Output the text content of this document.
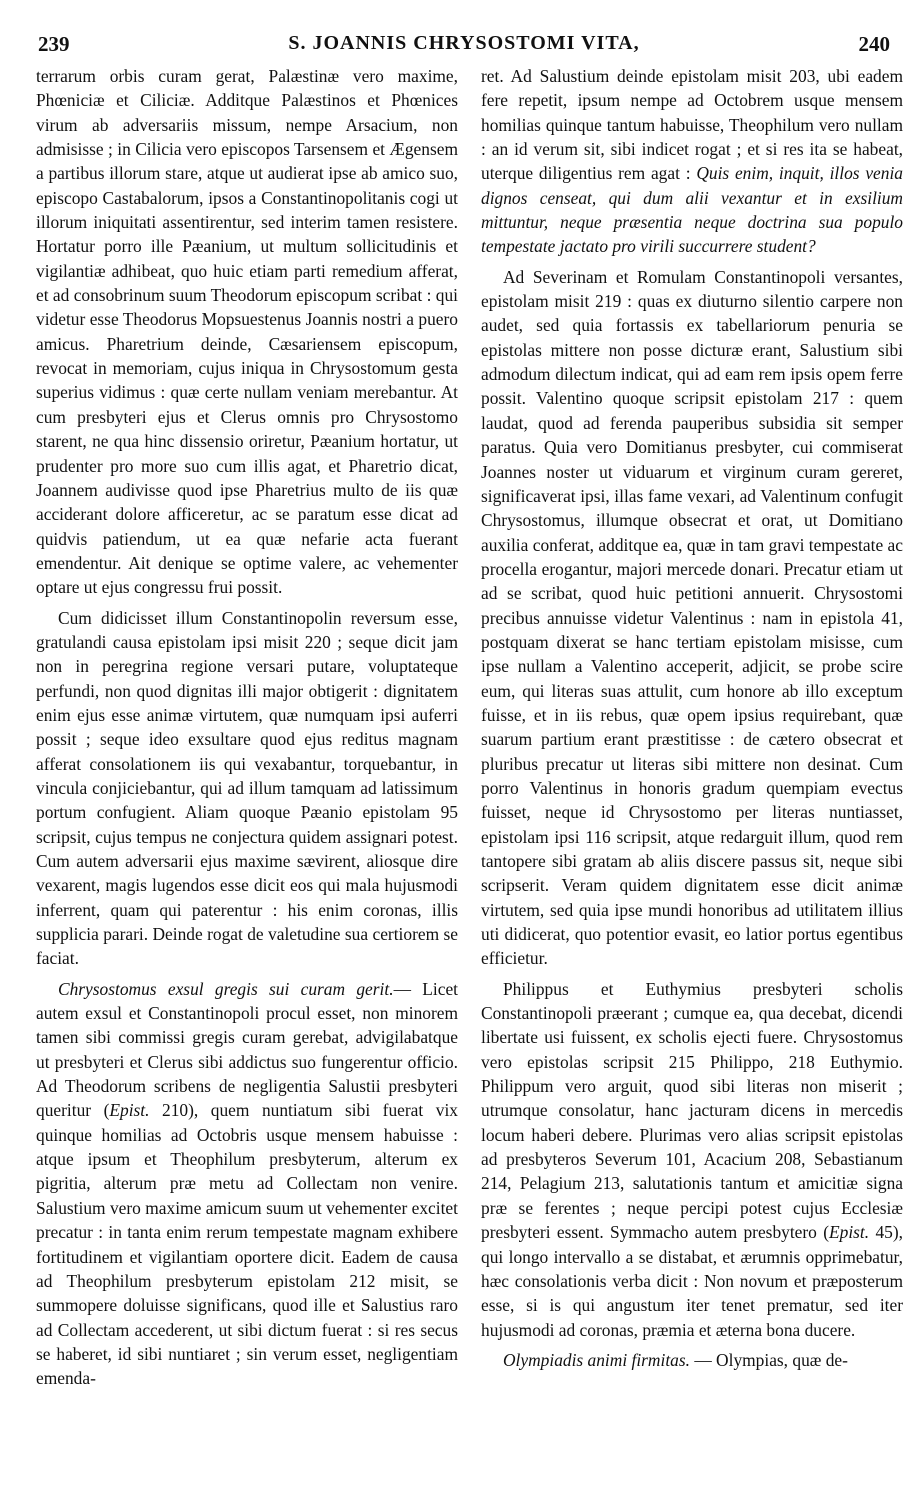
239	S. JOANNIS CHRYSOSTOMI VITA,	240

terrarum orbis curam gerat, Palæstinæ vero maxime, Phœniciæ et Ciliciæ. Additque Palæstinos et Phœnices virum ab adversariis missum, nempe Arsacium, non admisisse ; in Cilicia vero episcopos Tarsensem et Ægensem a partibus illorum stare, atque ut audierat ipse ab amico suo, episcopo Castabalorum, ipsos a Constantinopolitanis cogi ut illorum iniquitati assentirentur, sed interim tamen resistere. Hortatur porro ille Pæanium, ut multum sollicitudinis et vigilantiæ adhibeat, quo huic etiam parti remedium afferat, et ad consobrinum suum Theodorum episcopum scribat : qui videtur esse Theodorus Mopsuestenus Joannis nostri a puero amicus. Pharetrium deinde, Cæsariensem episcopum, revocat in memoriam, cujus iniqua in Chrysostomum gesta superius vidimus : quæ certe nullam veniam merebantur. At cum presbyteri ejus et Clerus omnis pro Chrysostomo starent, ne qua hinc dissensio oriretur, Pæanium hortatur, ut prudenter pro more suo cum illis agat, et Pharetrio dicat, Joannem audivisse quod ipse Pharetrius multo de iis quæ acciderant dolore afficeretur, ac se paratum esse dicat ad quidvis patiendum, ut ea quæ nefarie acta fuerant emendentur. Ait denique se optime valere, ac vehementer optare ut ejus congressu frui possit.

Cum didicisset illum Constantinopolin reversum esse, gratulandi causa epistolam ipsi misit 220 ; seque dicit jam non in peregrina regione versari putare, voluptateque perfundi, non quod dignitas illi major obtigerit : dignitatem enim ejus esse animæ virtutem, quæ numquam ipsi auferri possit ; seque ideo exsultare quod ejus reditus magnam afferat consolationem iis qui vexabantur, torquebantur, in vincula conjiciebantur, qui ad illum tamquam ad latissimum portum confugient. Aliam quoque Pæanio epistolam 95 scripsit, cujus tempus ne conjectura quidem assignari potest. Cum autem adversarii ejus maxime sævirent, aliosque dire vexarent, magis lugendos esse dicit eos qui mala hujusmodi inferrent, quam qui paterentur : his enim coronas, illis supplicia parari. Deinde rogat de valetudine sua certiorem se faciat.

Chrysostomus exsul gregis sui curam gerit.— Licet autem exsul et Constantinopoli procul esset, non minorem tamen sibi commissi gregis curam gerebat, advigilabatque ut presbyteri et Clerus sibi addictus suo fungerentur officio. Ad Theodorum scribens de negligentia Salustii presbyteri queritur (Epist. 210), quem nuntiatum sibi fuerat vix quinque homilias ad Octobris usque mensem habuisse : atque ipsum et Theophilum presbyterum, alterum ex pigritia, alterum præ metu ad Collectam non venire. Salustium vero maxime amicum suum ut vehementer excitet precatur : in tanta enim rerum tempestate magnam exhibere fortitudinem et vigilantiam oportere dicit. Eadem de causa ad Theophilum presbyterum epistolam 212 misit, se summopere doluisse significans, quod ille et Salustius raro ad Collectam accederent, ut sibi dictum fuerat : si res secus se haberet, id sibi nuntiaret ; sin verum esset, negligentiam emenda-

ret. Ad Salustium deinde epistolam misit 203, ubi eadem fere repetit, ipsum nempe ad Octobrem usque mensem homilias quinque tantum habuisse, Theophilum vero nullam : an id verum sit, sibi indicet rogat ; et si res ita se habeat, uterque diligentius rem agat : Quis enim, inquit, illos venia dignos censeat, qui dum alii vexantur et in exsilium mittuntur, neque præsentia neque doctrina sua populo tempestate jactato pro virili succurrere student?

Ad Severinam et Romulam Constantinopoli versantes, epistolam misit 219 : quas ex diuturno silentio carpere non audet, sed quia fortassis ex tabellariorum penuria se epistolas mittere non posse dicturæ erant, Salustium sibi admodum dilectum indicat, qui ad eam rem ipsis opem ferre possit. Valentino quoque scripsit epistolam 217 : quem laudat, quod ad ferenda pauperibus subsidia sit semper paratus. Quia vero Domitianus presbyter, cui commiserat Joannes noster ut viduarum et virginum curam gereret, significaverat ipsi, illas fame vexari, ad Valentinum confugit Chrysostomus, illumque obsecrat et orat, ut Domitiano auxilia conferat, additque ea, quæ in tam gravi tempestate ac procella erogantur, majori mercede donari. Precatur etiam ut ad se scribat, quod huic petitioni annuerit. Chrysostomi precibus annuisse videtur Valentinus : nam in epistola 41, postquam dixerat se hanc tertiam epistolam misisse, cum ipse nullam a Valentino acceperit, adjicit, se probe scire eum, qui literas suas attulit, cum honore ab illo exceptum fuisse, et in iis rebus, quæ opem ipsius requirebant, quæ suarum partium erant præstitisse : de cætero obsecrat et pluribus precatur ut literas sibi mittere non desinat. Cum porro Valentinus in honoris gradum quempiam evectus fuisset, neque id Chrysostomo per literas nuntiasset, epistolam ipsi 116 scripsit, atque redarguit illum, quod rem tantopere sibi gratam ab aliis discere passus sit, neque sibi scripserit. Veram quidem dignitatem esse dicit animæ virtutem, sed quia ipse mundi honoribus ad utilitatem illius uti didicerat, quo potentior evasit, eo latior portus egentibus efficietur.

Philippus et Euthymius presbyteri scholis Constantinopoli præerant ; cumque ea, qua decebat, dicendi libertate usi fuissent, ex scholis ejecti fuere. Chrysostomus vero epistolas scripsit 215 Philippo, 218 Euthymio. Philippum vero arguit, quod sibi literas non miserit ; utrumque consolatur, hanc jacturam dicens in mercedis locum haberi debere. Plurimas vero alias scripsit epistolas ad presbyteros Severum 101, Acacium 208, Sebastianum 214, Pelagium 213, salutationis tantum et amicitiæ signa præ se ferentes ; neque percipi potest cujus Ecclesiæ presbyteri essent. Symmacho autem presbytero (Epist. 45), qui longo intervallo a se distabat, et ærumnis opprimebatur, hæc consolationis verba dicit : Non novum et præposterum esse, si is qui angustum iter tenet prematur, sed iter hujusmodi ad coronas, præmia et æterna bona ducere.

Olympiadis animi firmitas. — Olympias, quæ de-
